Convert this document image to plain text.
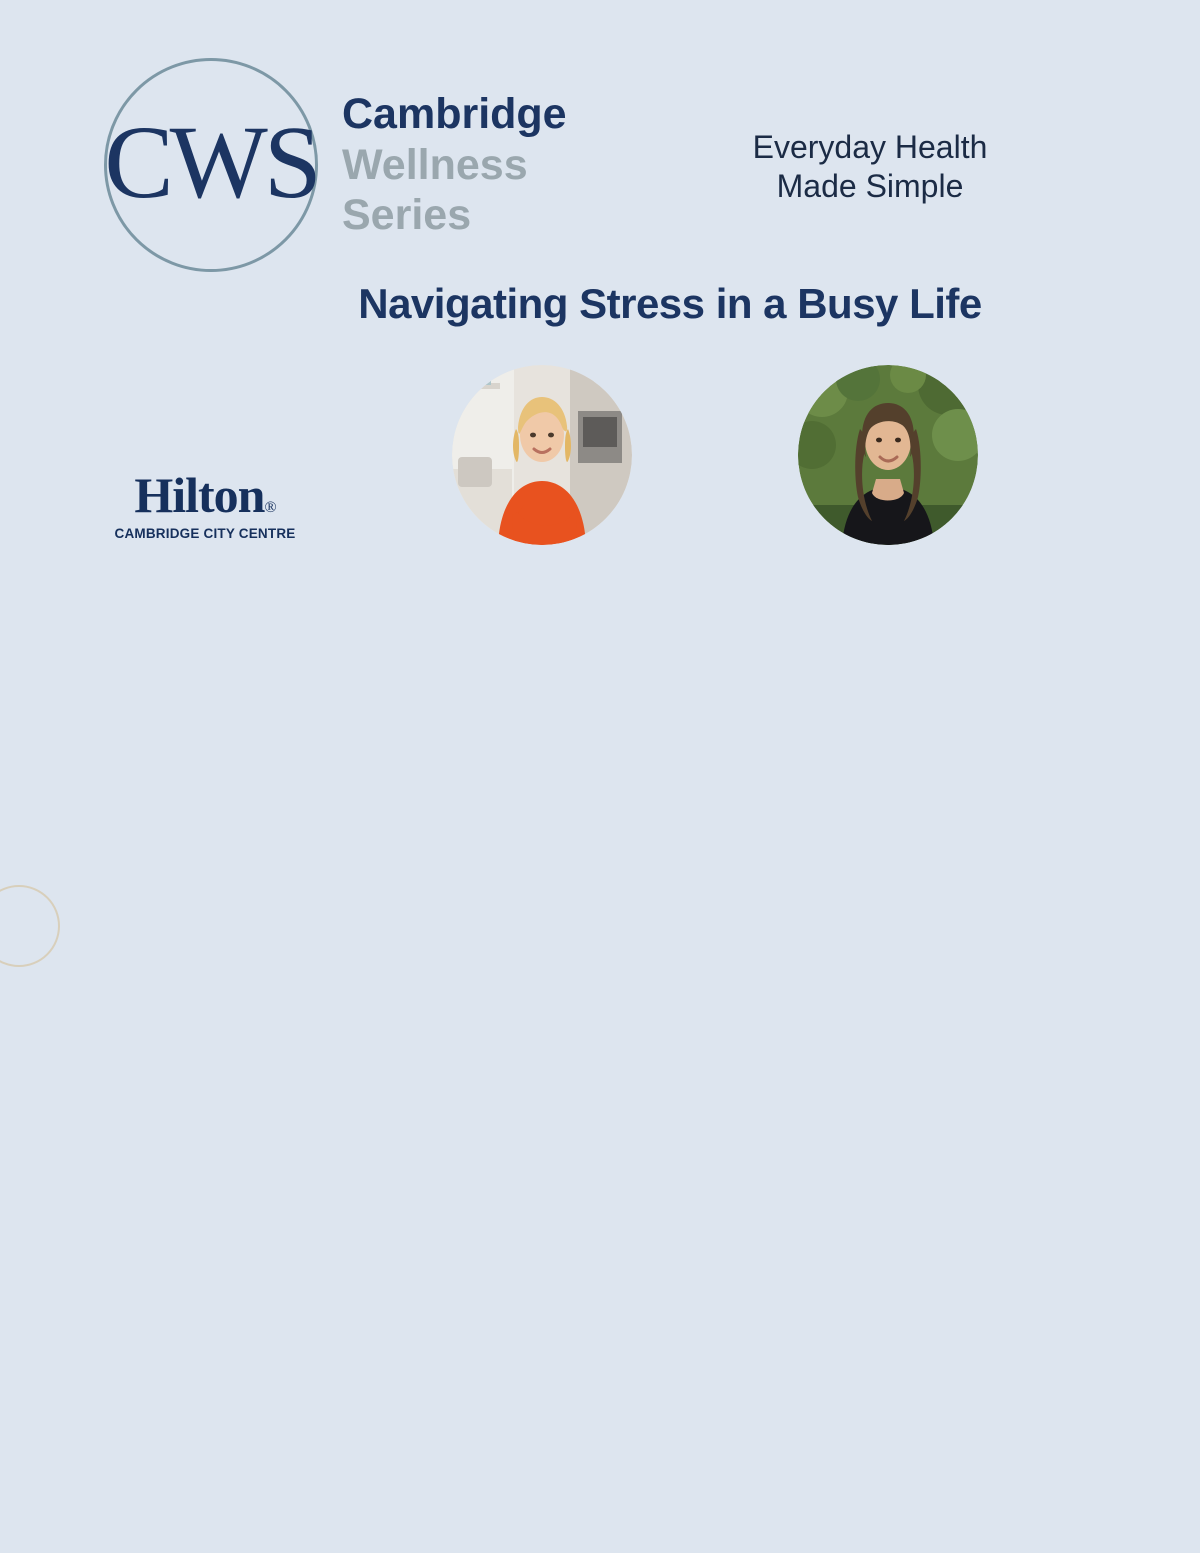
CWS Cambridge
Wellness
Series
Everyday Health
Made Simple
Navigating Stress in a Busy Life
Hilton®
CAMBRIDGE CITY CENTRE
